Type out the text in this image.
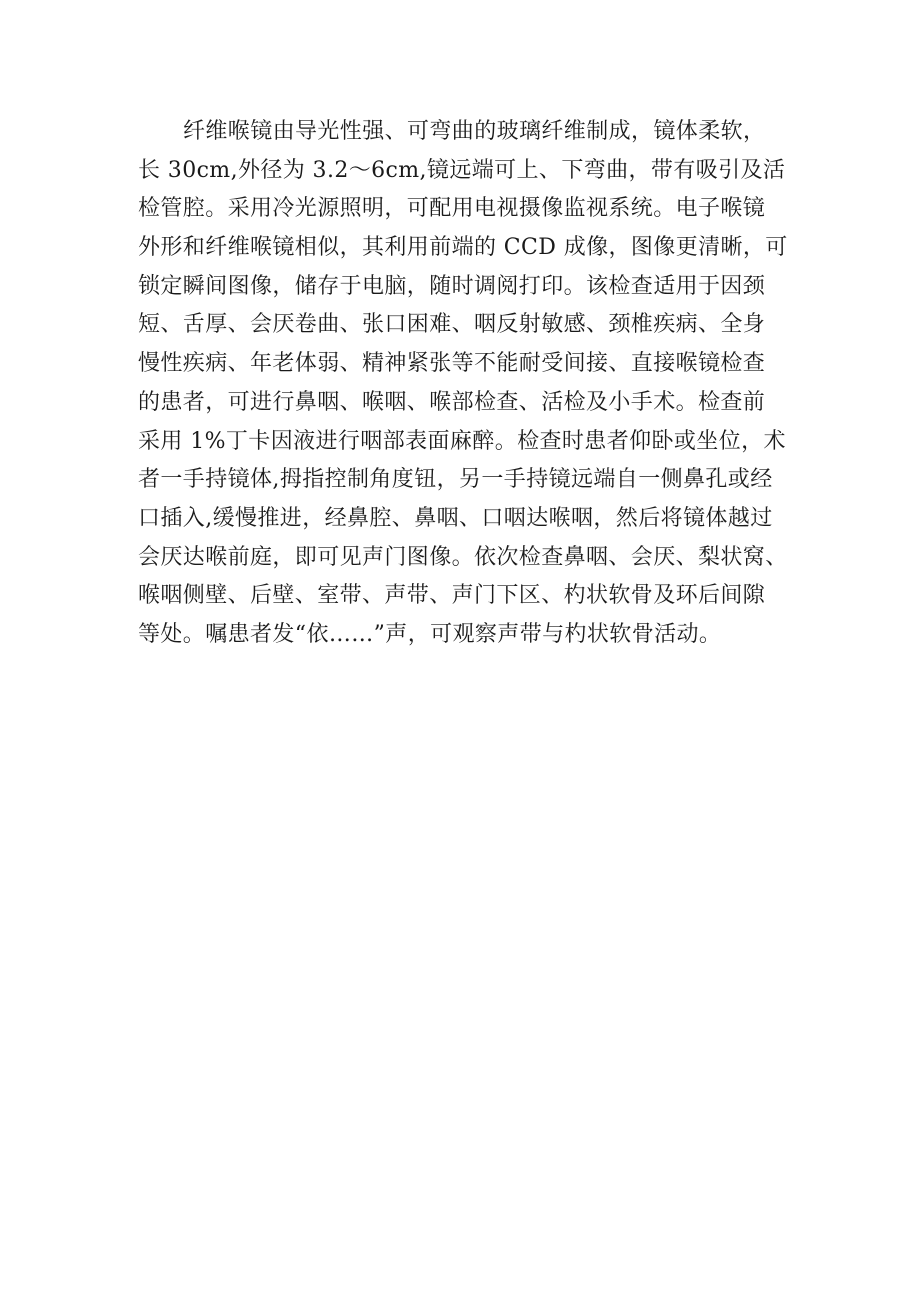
纤维喉镜由导光性强、可弯曲的玻璃纤维制成，镜体柔软，
长 30cm,外径为 3.2～6cm,镜远端可上、下弯曲，带有吸引及活
检管腔。采用冷光源照明，可配用电视摄像监视系统。电子喉镜
外形和纤维喉镜相似，其利用前端的 CCD 成像，图像更清晰，可
锁定瞬间图像，储存于电脑，随时调阅打印。该检查适用于因颈
短、舌厚、会厌卷曲、张口困难、咽反射敏感、颈椎疾病、全身
慢性疾病、年老体弱、精神紧张等不能耐受间接、直接喉镜检查
的患者，可进行鼻咽、喉咽、喉部检查、活检及小手术。检查前
采用 1%丁卡因液进行咽部表面麻醉。检查时患者仰卧或坐位，术
者一手持镜体,拇指控制角度钮，另一手持镜远端自一侧鼻孔或经
口插入,缓慢推进，经鼻腔、鼻咽、口咽达喉咽，然后将镜体越过
会厌达喉前庭，即可见声门图像。依次检查鼻咽、会厌、梨状窝、
喉咽侧壁、后壁、室带、声带、声门下区、杓状软骨及环后间隙
等处。嘱患者发“依……”声，可观察声带与杓状软骨活动。
